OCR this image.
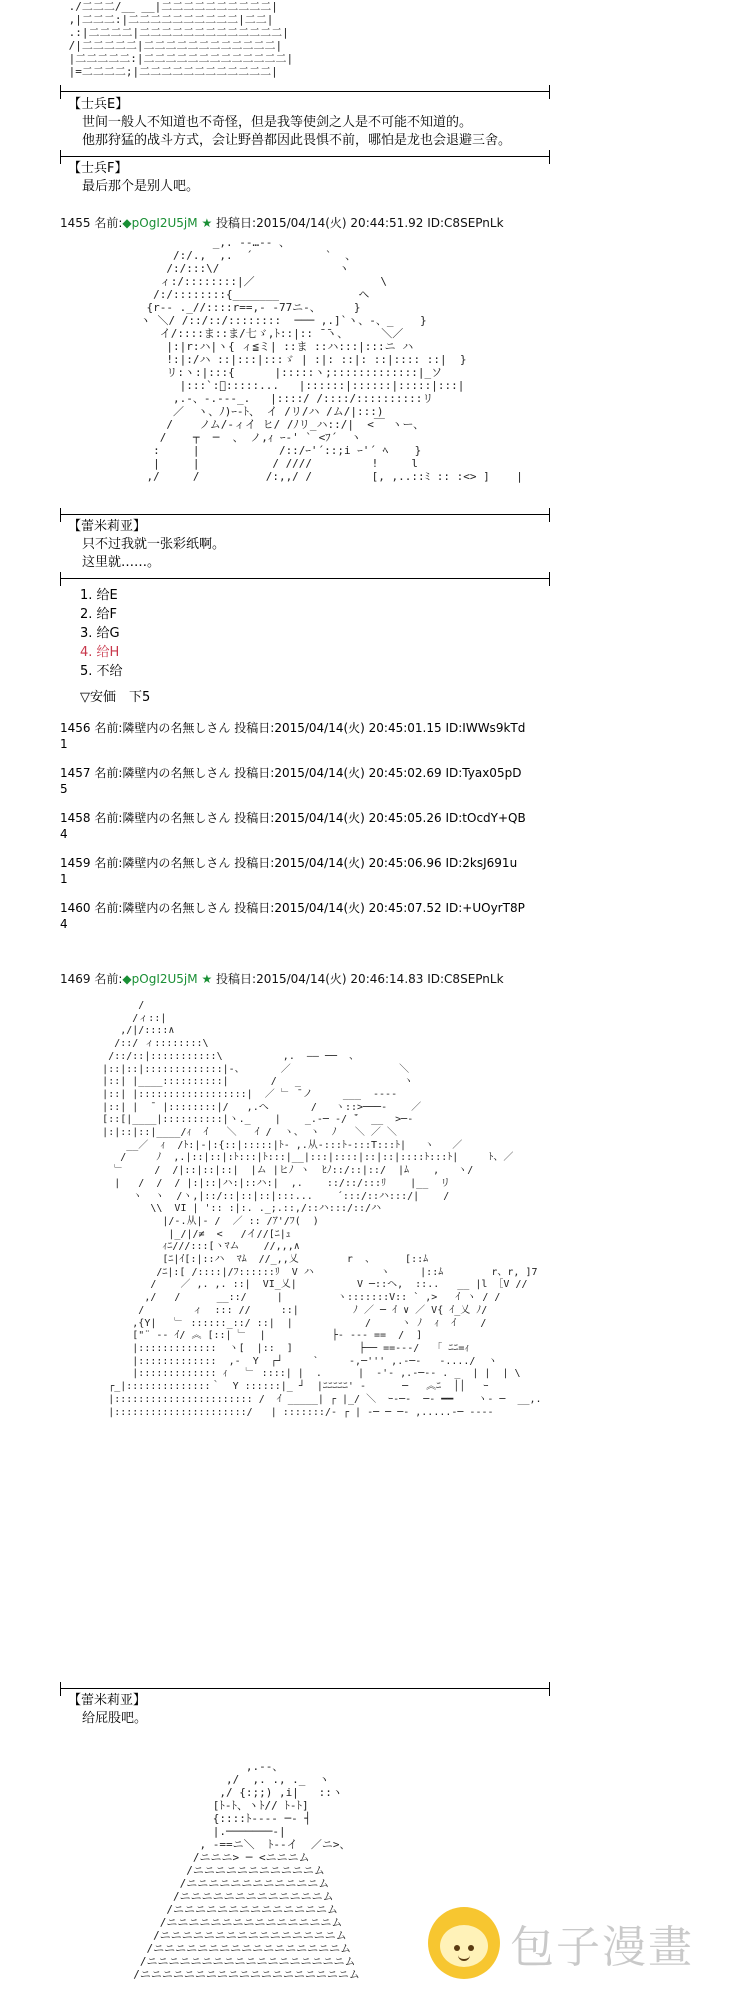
./二二二/__ __|二二二二二二二二二二|
,|二二二:|二二二二二二二二二二|二二|
.:|二二二二|二二二二二二二二二二二二二|
/|二二二二二|二二二二二二二二二二二二|
|二二二二二:|二二二二二二二二二二二二二|
|=二二二二;|二二二二二二二二二二二二|
【士兵E】
世间一般人不知道也不奇怪，但是我等使剑之人是不可能不知道的。
他那狩猛的战斗方式，会让野兽都因此畏惧不前，哪怕是龙也会退避三舍。
【士兵F】
最后那个是别人吧。
1455 名前:◆pOgI2U5jM ★ 投稿日:2015/04/14(火) 20:44:51.92 ID:C8SEPnLk
_,. -‐…‐- 、
/:/.,  ,.  ´           `  、
/:/:::\/                  ヽ
ィ:/::::::::|／                   \
/:/::::::::{_______            ヘ
{r‐- ._//::::r==,- ‐77ニ-、     }
ヽ ＼/ /::/::/::::::::  ─── ,.]`ヽ、‐、_    }
イ/::::ま::ま/七ゞ,ﾄ::|:: ̄ ̄ヽ、     ＼／
|:|r:ハ|ヽ{ ィ≦ミ| ::ま ::ハ:::|:::ニ ハ
!:|:/ハ ::|:::|:::ゞ | :|: ::|: ::|:::: ::|  }
リ:ヽ:|:::{      |:::::ヽ;:::::::::::::|_ソ
|:::`:ﾟ:::::...   |::::::|::::::|:::::|:::|
,.-、‐.-‐-_.   |::::/ /::::/::::::::::リ
／  ヽ、ﾉ)ｰ-ﾄ、 イ /リ/ハ /ム/|:::)
/    ノム/-ィイ ヒ/ /ﾉリ_ハ::/|  <￣ ヽー、
/    ┬  ─  、 ノ,ｨ ｰ‐' ` <ﾌ´  ヽ
:     |            /::/ｰ'´::;i ｰ'´ ﾍ    }
|     |           / ////         !     l
,/     /          /:,,/ /         [, ,..::ﾐ :: :<> ]    |
【蕾米莉亚】
只不过我就一张彩纸啊。
这里就……。
1. 给E
2. 给F
3. 给G
4. 给H
5. 不给
▽安価　下5
1456 名前:隣壁内の名無しさん 投稿日:2015/04/14(火) 20:45:01.15 ID:IWWs9kTd
1
1457 名前:隣壁内の名無しさん 投稿日:2015/04/14(火) 20:45:02.69 ID:Tyax05pD
5
1458 名前:隣壁内の名無しさん 投稿日:2015/04/14(火) 20:45:05.26 ID:tOcdY+QB
4
1459 名前:隣壁内の名無しさん 投稿日:2015/04/14(火) 20:45:06.96 ID:2ksJ691u
1
1460 名前:隣壁内の名無しさん 投稿日:2015/04/14(火) 20:45:07.52 ID:+UOyrT8P
4
1469 名前:◆pOgI2U5jM ★ 投稿日:2015/04/14(火) 20:46:14.83 ID:C8SEPnLk
/
/ィ::|
,/|/::::∧
/::/ ィ::::::::\
/::/::|:::::::::::\          ,.  ―― ──  、
|::|::|:::::::::::::|‐、      ／                  ＼
|::| |____::::::::::|       /   _                 ヽ
|::| |::::::::::::::::::|  ／ ﹂ ̄ ノ     ___  ‐---
|::| |  ̄  |::::::::|/   ,.へ       /   ヽ::>───-    ／
[::[|____|::::::::::|ヽ._    |    _.-─ ‐/ ̄´  __  >─‐
|:|::|::|____/ｨ  ｲ   ＼   ｲ /  ヽ、 ヽ  ﾉ   ＼ ／ ＼
__／  ｨ  /ﾄ:|‐|:{::|:::::|ﾄ‐ ,.从‐:::ﾄ‐:::T:::ﾄ|   ヽ   ／
/     ﾉ  ,.|::|::|:ﾄ:::|ﾄ:::|__|:::|::::|::|::|::::ﾄ:::ﾄ|     ﾄ、／
﹂     /  /|::|::|::|  |ム |ヒﾉ ヽ  ﾋﾉ::/::|::/  |ﾑ    ,   ヽ/
|   /  /  / |:|::|ハ:|::ハ:|  ,.    ::/::/:::ﾘ    |__  リ
ヽ  ヽ  /ヽ,|::/::|::|::|:::...    ´:::/::ハ:::/|    /
\\  VI | ':: :|:. ._;.::,/::ハ:::/::/ハ
|/‐.从|‐ /  ／ :: /ｱ'/ﾌ(  )
|_/|/≠  <   /イ//[ﾆ|ｭ
ｨﾆ///:::[ヽﾏム    //,,,∧
[ﾆ|ｲ[:|::ハ  ﾏﾑ  //_,,乂        r  、     [::ﾑ
/ﾆ|:[ /::::|/ﾌ::::::ﾘ  V ハ           ヽ     |::ﾑ        r、r, ]7
/    ／ ,. ,. ::|  VI_乂|          V ─::ヘ,  ::..   __ |l ［V //
,/   /      __::/     |         ヽ:::::::V:: ` ,>   ｲ ヽ / /
/        ィ  ::: //     ::|         ﾉ ／ ─ ｲ ∨ ／ V{ ｲ_乂 ﾉ/
,{Y|   ﹂ ::::::_::/ ::|  |            /     ヽ ﾉ  ｨ  ｲ    /
["¨ ‐‐ ｲ/ ︽ [::| ﹂  |           ├‐ ‐-‐ ==  /  ]
|:::::::::::::  ヽ[  |::  ]           ├── ==‐--/   ｢ ﾆﾆ=ｨ
|:::::::::::::  ,-  Y  ┌┘     `     ‐,─''' ,.-─‐   ‐..../  ヽ
|::::::::::::: ｨ   ﹂ ::::| |  .      |  ‐'‐ ,.-─-‐ . _  | |  | \
┌_|::::::::::::::｀  Y ::::::|_ ┘  |ﾆﾆﾆﾆﾆ' ‐      ─   ︽ﾆ  ││   ｰ
|::::::::::::::::::::::: /  ｲ _____| ┌ |_/ ＼  ｰ-─-  ─‐ ━━    ヽ‐ ─  __,.
|::::::::::::::::::::::/   | :::::::/‐ ┌ | ‐─ ─ ─‐ ,.....-─ ----
【蕾米莉亚】
给屁股吧。
,.--、
,/  ,. ., ._  ヽ
,/ {:;;) ,i|   ::ヽ
[ﾄ-ﾄ、ヽﾄ// ﾄ‐ﾄ]
{::::ﾄ‐‐‐- ─‐ ┤
|.───────‐|
, -==ニ＼  ﾄ‐‐イ  ／ニ>、
/ニニニ> ─ <ニニニム
/ニニニニニニニニニニニム
/ニニニニニニニニニニニニム
/ニニニニニニニニニニニニニム
/ニニニニニニニニニニニニニニム
/ニニニニニニニニニニニニニニニム
/ニニニニニニニニニニニニニニニニム
/ニニニニニニニニニニニニニニニニニム
/ニニニニニニニニニニニニニニニニニニム
/ニニニニニニニニニニニニニニニニニニニム
包子漫畫
